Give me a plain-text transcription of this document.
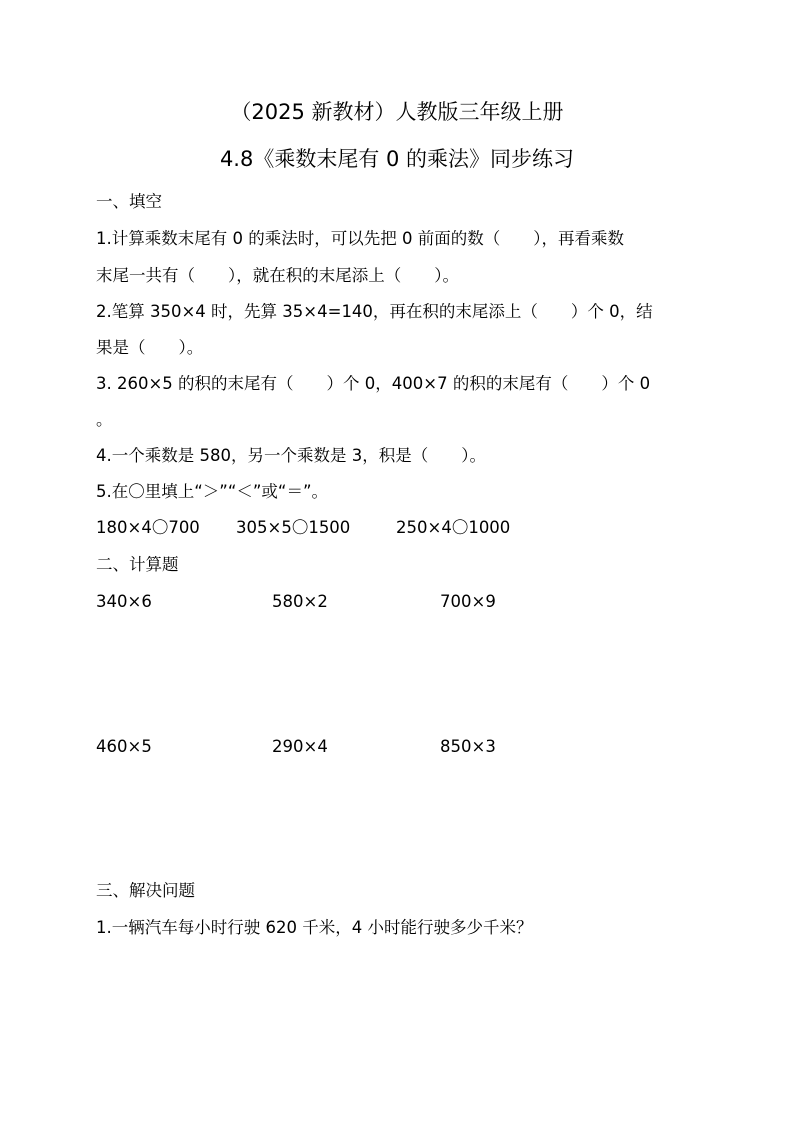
（2025 新教材）人教版三年级上册
4.8《乘数末尾有 0 的乘法》同步练习
一、填空
1.计算乘数末尾有 0 的乘法时，可以先把 0 前面的数（　　），再看乘数
末尾一共有（　　），就在积的末尾添上（　　）。
2.笔算 350×4 时，先算 35×4=140，再在积的末尾添上（　　）个 0，结
果是（　　）。
3. 260×5 的积的末尾有（　　）个 0，400×7 的积的末尾有（　　）个 0
。
4.一个乘数是 580，另一个乘数是 3，积是（　　）。
5.在〇里填上“＞”“＜”或“＝”。
180×4〇700 305×5〇1500	250×4〇1000
二、计算题
340×6	580×2	700×9
460×5	290×4	850×3
三、解决问题
1.一辆汽车每小时行驶 620 千米，4 小时能行驶多少千米？
